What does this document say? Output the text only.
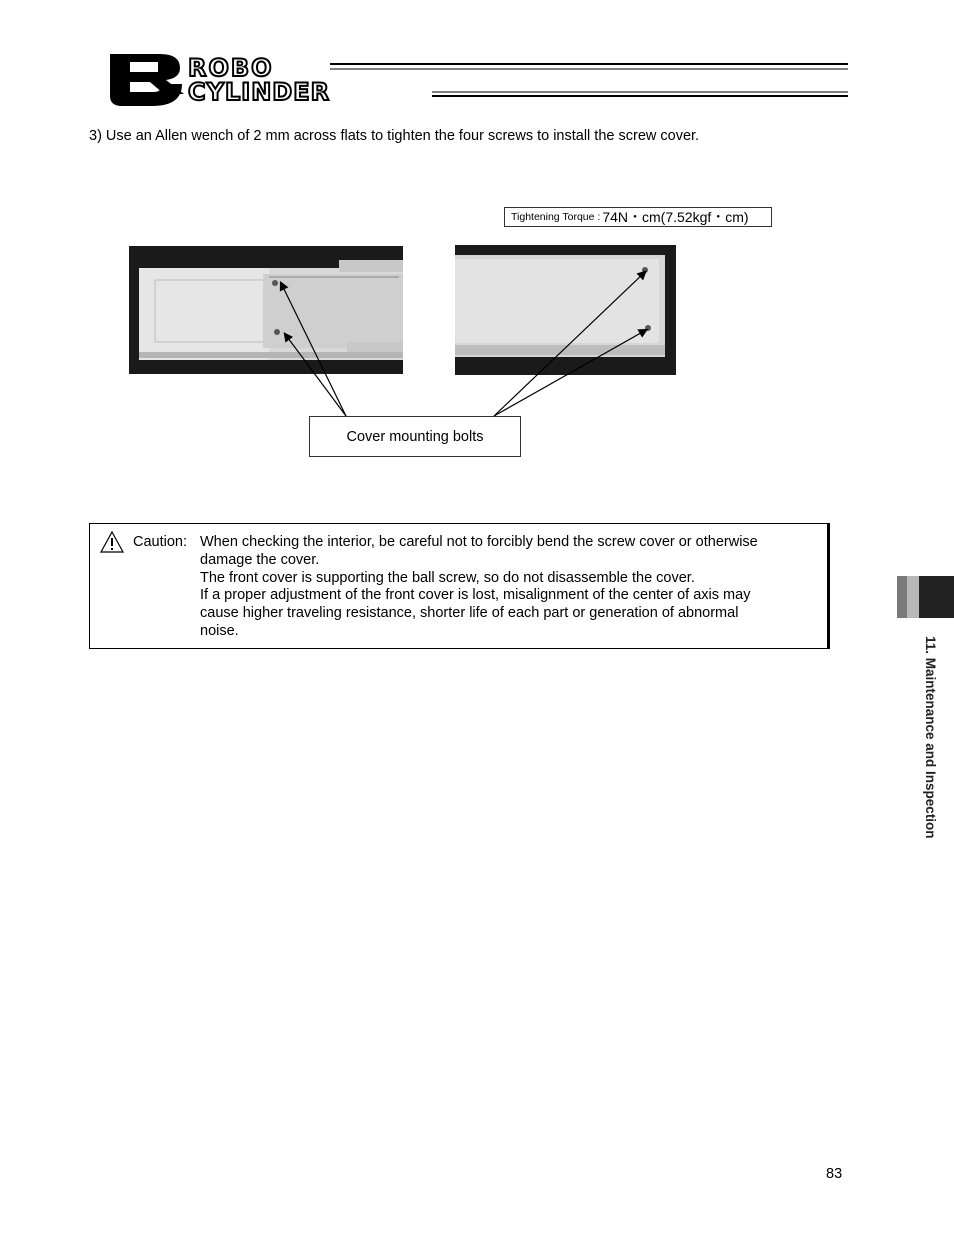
ROBO
CYLINDER
3) Use an Allen wench of 2 mm across flats to tighten the four screws to install the screw cover.
Tightening Torque : 74N・cm(7.52kgf・cm)
Cover mounting bolts
Caution: When checking the interior, be careful not to forcibly bend the screw cover or otherwise
damage the cover.
The front cover is supporting the ball screw, so do not disassemble the cover.
If a proper adjustment of the front cover is lost, misalignment of the center of axis may
cause higher traveling resistance, shorter life of each part or generation of abnormal
noise.
11. Maintenance and Inspection
83
